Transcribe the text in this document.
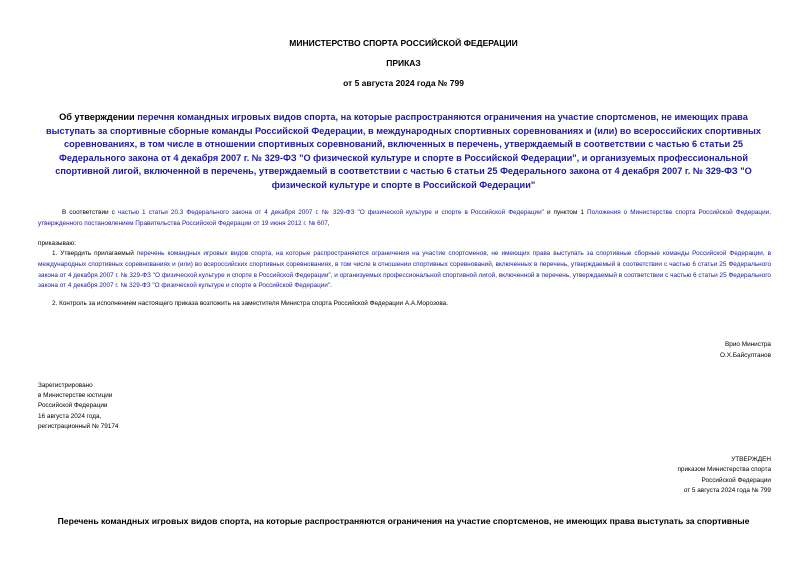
МИНИСТЕРСТВО СПОРТА РОССИЙСКОЙ ФЕДЕРАЦИИ
ПРИКАЗ
от 5 августа 2024 года № 799
Об утверждении перечня командных игровых видов спорта, на которые распространяются ограничения на участие спортсменов, не имеющих права выступать за спортивные сборные команды Российской Федерации, в международных спортивных соревнованиях и (или) во всероссийских спортивных соревнованиях, в том числе в отношении спортивных соревнований, включенных в перечень, утверждаемый в соответствии с частью 6 статьи 25 Федерального закона от 4 декабря 2007 г. № 329-ФЗ "О физической культуре и спорте в Российской Федерации", и организуемых профессиональной спортивной лигой, включенной в перечень, утверждаемый в соответствии с частью 6 статьи 25 Федерального закона от 4 декабря 2007 г. № 329-ФЗ "О физической культуре и спорте в Российской Федерации"
В соответствии с частью 1 статьи 20.3 Федерального закона от 4 декабря 2007 г. № 329-ФЗ "О физической культуре и спорте в Российской Федерации" и пунктом 1 Положения о Министерстве спорта Российской Федерации, утвержденного постановлением Правительства Российской Федерации от 19 июня 2012 г. № 607,
приказываю:
1. Утвердить прилагаемый перечень командных игровых видов спорта, на которые распространяются ограничения на участие спортсменов, не имеющих права выступать за спортивные сборные команды Российской Федерации, в международных спортивных соревнованиях и (или) во всероссийских спортивных соревнованиях, в том числе в отношении спортивных соревнований, включенных в перечень, утверждаемый в соответствии с частью 6 статьи 25 Федерального закона от 4 декабря 2007 г. № 329-ФЗ "О физической культуре и спорте в Российской Федерации", и организуемых профессиональной спортивной лигой, включенной в перечень, утверждаемый в соответствии с частью 6 статьи 25 Федерального закона от 4 декабря 2007 г. № 329-ФЗ "О физической культуре и спорте в Российской Федерации".
2. Контроль за исполнением настоящего приказа возложить на заместителя Министра спорта Российской Федерации А.А.Морозова.
Врио Министра
О.Х.Байсултанов
Зарегистрировано
в Министерстве юстиции
Российской Федерации
16 августа 2024 года,
регистрационный № 79174
УТВЕРЖДЕН
приказом Министерства спорта
Российской Федерации
от 5 августа 2024 года № 799
Перечень командных игровых видов спорта, на которые распространяются ограничения на участие спортсменов, не имеющих права выступать за спортивные
